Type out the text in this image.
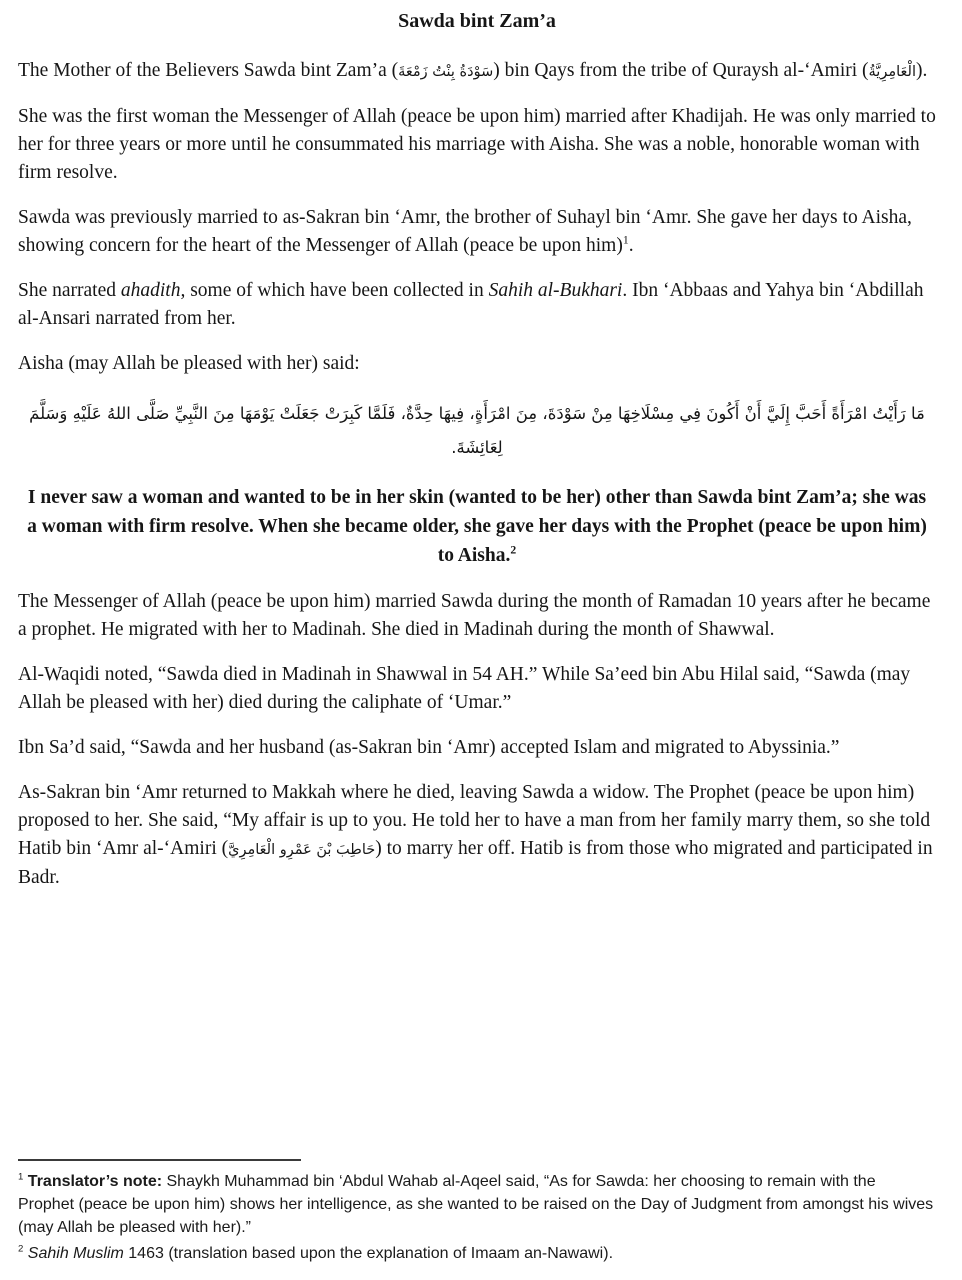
Sawda bint Zam’a

The Mother of the Believers Sawda bint Zam’a (سَوْدَةُ بِنْتُ زَمْعَةَ) bin Qays from the tribe of Quraysh al-‘Amiri (الْعَامِرِيَّةُ).

She was the first woman the Messenger of Allah (peace be upon him) married after Khadijah. He was only married to her for three years or more until he consummated his marriage with Aisha. She was a noble, honorable woman with firm resolve.

Sawda was previously married to as-Sakran bin ‘Amr, the brother of Suhayl bin ‘Amr. She gave her days to Aisha, showing concern for the heart of the Messenger of Allah (peace be upon him)$^1$.

She narrated ahadith, some of which have been collected in Sahih al-Bukhari. Ibn ‘Abbaas and Yahya bin ‘Abdillah al-Ansari narrated from her.

Aisha (may Allah be pleased with her) said:

مَا رَأَيْتُ امْرَأَةً أَحَبَّ إِلَيَّ أَنْ أَكُونَ فِي مِسْلَاخِهَا مِنْ سَوْدَةَ، مِنَ امْرَأَةٍ، فِيهَا حِدَّةٌ، فَلَمَّا كَبِرَتْ جَعَلَتْ يَوْمَهَا مِنَ النَّبِيِّ صَلَّى اللهُ عَلَيْهِ وَسَلَّمَ لِعَائِشَةَ.

I never saw a woman and wanted to be in her skin (wanted to be her) other than Sawda bint Zam’a; she was a woman with firm resolve. When she became older, she gave her days with the Prophet (peace be upon him) to Aisha.$^2$

The Messenger of Allah (peace be upon him) married Sawda during the month of Ramadan 10 years after he became a prophet. He migrated with her to Madinah. She died in Madinah during the month of Shawwal.

Al-Waqidi noted, “Sawda died in Madinah in Shawwal in 54 AH.” While Sa’eed bin Abu Hilal said, “Sawda (may Allah be pleased with her) died during the caliphate of ‘Umar.”

Ibn Sa’d said, “Sawda and her husband (as-Sakran bin ‘Amr) accepted Islam and migrated to Abyssinia.”

As-Sakran bin ‘Amr returned to Makkah where he died, leaving Sawda a widow. The Prophet (peace be upon him) proposed to her. She said, “My affair is up to you. He told her to have a man from her family marry them, so she told Hatib bin ‘Amr al-‘Amiri (حَاطِبَ بْنَ عَمْرِو الْعَامِرِيَّ) to marry her off. Hatib is from those who migrated and participated in Badr.

$^1$ Translator’s note: Shaykh Muhammad bin ‘Abdul Wahab al-Aqeel said, “As for Sawda: her choosing to remain with the Prophet (peace be upon him) shows her intelligence, as she wanted to be raised on the Day of Judgment from amongst his wives (may Allah be pleased with her).”
$^2$ Sahih Muslim 1463 (translation based upon the explanation of Imaam an-Nawawi).
